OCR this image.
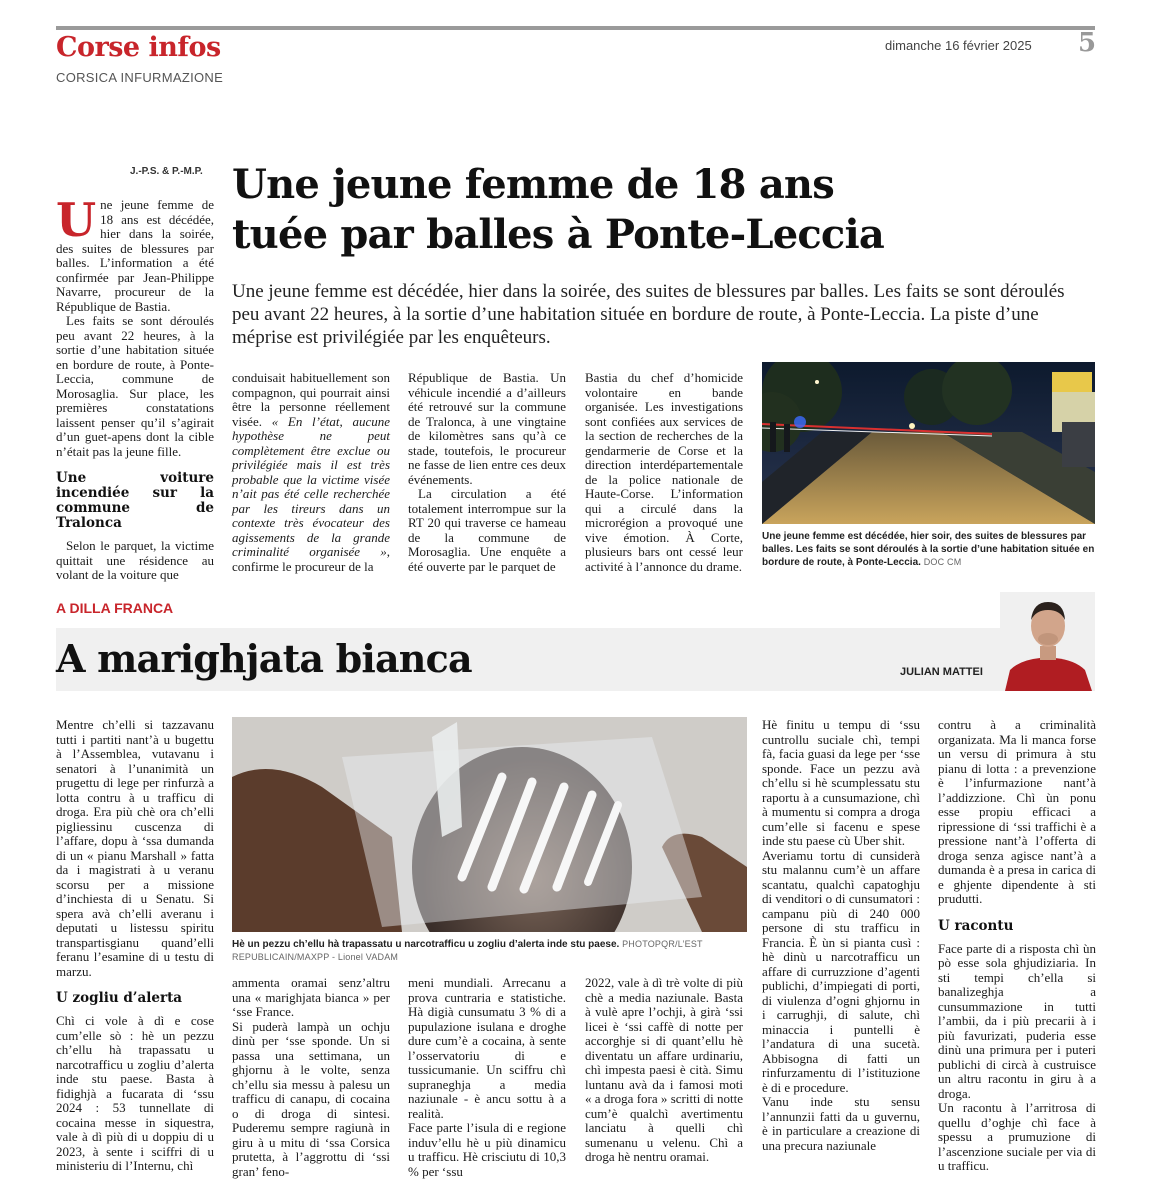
Corse infos
CORSICA INFURMAZIONE
dimanche 16 février 2025 5
J.-P.S. & P.-M.P. Une jeune femme de 18 ans
tuée par balles à Ponte-Leccia
Une jeune femme est décédée, hier dans la soirée, des suites de blessures par balles. Les faits se sont déroulés peu avant 22 heures, à la sortie d’une habitation située en bordure de route, à Ponte-Leccia. La piste d’une méprise est privilégiée par les enquêteurs.

Une jeune femme de 18 ans est décédée, hier dans la soirée, des suites de blessures par balles. L’information a été confirmée par Jean-Philippe Navarre, procureur de la République de Bastia.

Les faits se sont déroulés peu avant 22 heures, à la sortie d’une habitation située en bordure de route, à Ponte-Leccia, commune de Morosaglia. Sur place, les premières constatations laissent penser qu’il s’agirait d’un guet-apens dont la cible n’était pas la jeune fille.

Une voiture incendiée sur la commune de Tralonca

Selon le parquet, la victime quittait une résidence au volant de la voiture que

conduisait habituellement son compagnon, qui pourrait ainsi être la personne réellement visée. « En l’état, aucune hypothèse ne peut complètement être exclue ou privilégiée mais il est très probable que la victime visée n’ait pas été celle recherchée par les tireurs dans un contexte très évocateur des agissements de la grande criminalité organisée », confirme le procureur de la

République de Bastia. Un véhicule incendié a d’ailleurs été retrouvé sur la commune de Tralonca, à une vingtaine de kilomètres sans qu’à ce stade, toutefois, le procureur ne fasse de lien entre ces deux événements.

La circulation a été totalement interrompue sur la RT 20 qui traverse ce hameau de la commune de Morosaglia. Une enquête a été ouverte par le parquet de

Bastia du chef d’homicide volontaire en bande organisée. Les investigations sont confiées aux services de la section de recherches de la gendarmerie de Corse et la direction interdépartementale de la police nationale de Haute-Corse. L’information qui a circulé dans la microrégion a provoqué une vive émotion. À Corte, plusieurs bars ont cessé leur activité à l’annonce du drame.

Une jeune femme est décédée, hier soir, des suites de blessures par balles. Les faits se sont déroulés à la sortie d’une habitation située en bordure de route, à Ponte-Leccia. DOC CM
A DILLA FRANCA
A marighjata bianca	JULIAN MATTEI

Mentre ch’elli si tazzavanu tutti i partiti nant’à u bugettu à l’Assemblea, vutavanu i senatori à l’unanimità un prugettu di lege per rinfurzà a lotta contru à u trafficu di droga. Era più chè ora ch’elli pigliessinu cuscenza di l’affare, dopu à ‘ssa dumanda di un « pianu Marshall » fatta da i magistrati à u veranu scorsu per a missione d’inchiesta di u Senatu. Si spera avà ch’elli averanu i deputati u listessu spiritu transpartisgianu quand’elli feranu l’esamine di u testu di marzu.

U zogliu d’alerta

Chì ci vole à dì e cose cum’elle sò : hè un pezzu ch’ellu hà trapassatu u narcotrafficu u zogliu d’alerta inde stu paese. Basta à fidighjà a fucarata di ‘ssu 2024 : 53 tunnellate di cocaina messe in siquestra, vale à dì più di u doppiu di u 2023, à sente i sciffri di u ministeriu di l’Internu, chì

Hè un pezzu ch’ellu hà trapassatu u narcotrafficu u zogliu d’alerta inde stu paese. PHOTOPQR/L’EST REPUBLICAIN/MAXPP - Lionel VADAM

ammenta oramai senz’altru una « marighjata bianca » per ‘sse France.

Si puderà lampà un ochju dinù per ‘sse sponde. Un si passa una settimana, un ghjornu à le volte, senza ch’ellu sia messu à palesu un trafficu di canapu, di cocaina o di droga di sintesi. Puderemu sempre ragiunà in giru à u mitu di ‘ssa Corsica prutetta, à l’aggrottu di ‘ssi gran’ feno-

meni mundiali. Arrecanu a prova cuntraria e statistiche. Hà digià cunsumatu 3 % di a pupulazione isulana e droghe dure cum’è a cocaina, à sente l’osservatoriu di e tussicumanie. Un sciffru chì supraneghja a media naziunale - è ancu sottu à a realità.

Face parte l’isula di e regione induv’ellu hè u più dinamicu u trafficu. Hè crisciutu di 10,3 % per ‘ssu

2022, vale à dì trè volte di più chè a media naziunale. Basta à vulè apre l’ochji, à girà ‘ssi licei è ‘ssi caffè di notte per accorghje si di quant’ellu hè diventatu un affare urdinariu, chì impesta paesi è cità. Simu luntanu avà da i famosi moti « a droga fora » scritti di notte cum’è qualchì avertimentu lanciatu à quelli chì sumenanu u velenu. Chì a droga hè nentru oramai.

Hè finitu u tempu di ‘ssu cuntrollu suciale chì, tempi fà, facia guasi da lege per ‘sse sponde. Face un pezzu avà ch’ellu si hè scumplessatu stu raportu à a cunsumazione, chì à mumentu si compra a droga cum’elle si facenu e spese inde stu paese cù Uber shit.

Averiamu tortu di cunsiderà stu malannu cum’è un affare scantatu, qualchì capatoghju di venditori o di cunsumatori : campanu più di 240 000 persone di stu trafficu in Francia. È ùn si pianta cusì : hè dinù u narcotrafficu un affare di curruzzione d’agenti publichi, d’impiegati di porti, di viulenza d’ogni ghjornu in i carrughji, di salute, chì minaccia i puntelli è l’andatura di una sucetà. Abbisogna di fatti un rinfurzamentu di l’istituzione è di e procedure.

Vanu inde stu sensu l’annunzii fatti da u guvernu, è in particulare a creazione di una precura naziunale

contru à a criminalità organizata. Ma li manca forse un versu di primura à stu pianu di lotta : a prevenzione è l’infurmazione nant’à l’addizzione. Chì ùn ponu esse propiu efficaci a ripressione di ‘ssi traffichi è a pressione nant’à l’offerta di droga senza agisce nant’à a dumanda è a presa in carica di e ghjente dipendente à sti prudutti.

U racontu

Face parte di a risposta chì ùn pò esse sola ghjudiziaria. In sti tempi ch’ella si banalizeghja a cunsummazione in tutti l’ambii, da i più precarii à i più favurizati, puderia esse dinù una primura per i puteri publichi di circà à custruisce un altru racontu in giru à a droga.

Un racontu à l’arritrosa di quellu d’oghje chì face à spessu a prumuzione di l’ascenzione suciale per via di u trafficu.
